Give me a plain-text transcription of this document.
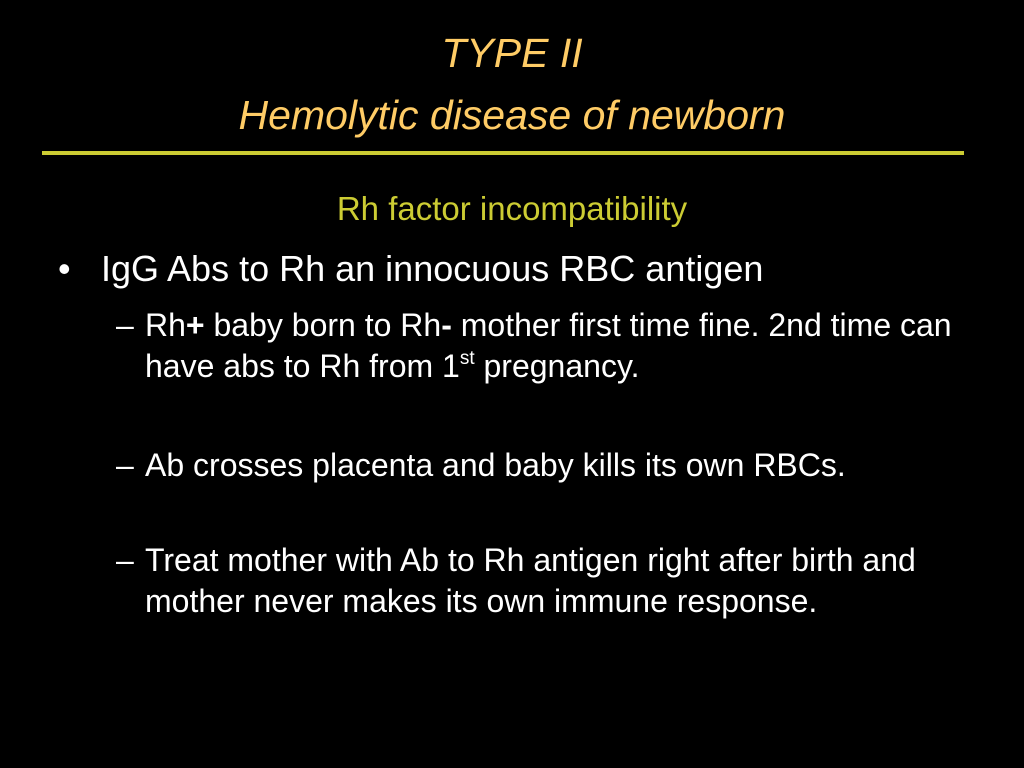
TYPE II
Hemolytic disease of newborn
Rh factor incompatibility
• IgG Abs to Rh an innocuous RBC antigen
– Rh+ baby born to Rh- mother first time fine. 2nd time can have abs to Rh from 1st pregnancy.
– Ab crosses placenta and baby kills its own RBCs.
– Treat mother with Ab to Rh antigen right after birth and mother never makes its own immune response.
